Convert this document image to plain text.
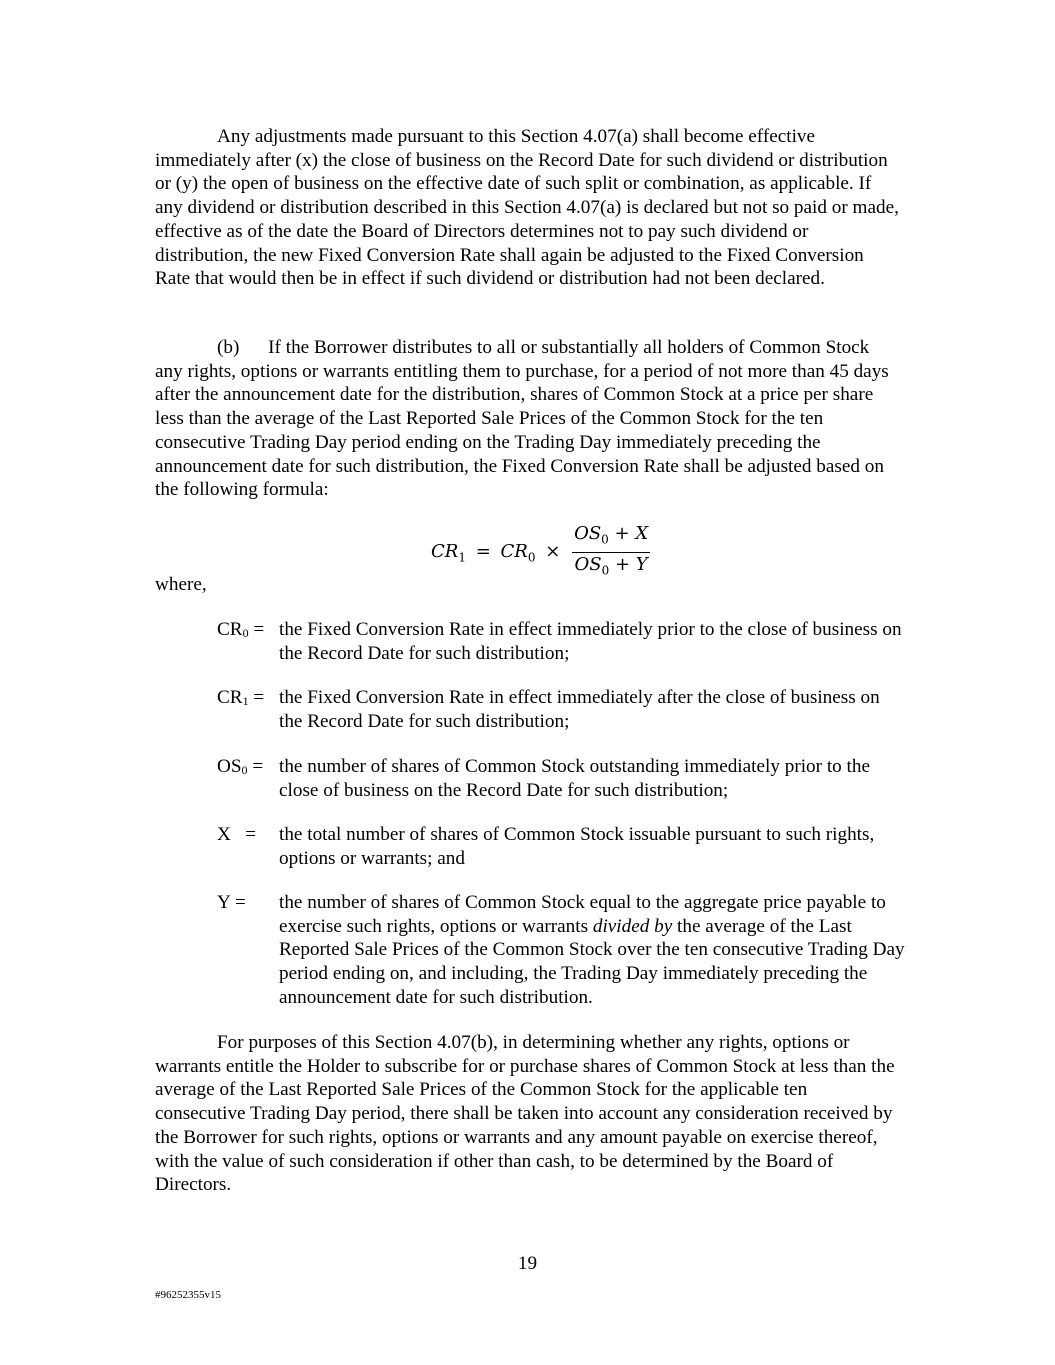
Any adjustments made pursuant to this Section 4.07(a) shall become effective immediately after (x) the close of business on the Record Date for such dividend or distribution or (y) the open of business on the effective date of such split or combination, as applicable. If any dividend or distribution described in this Section 4.07(a) is declared but not so paid or made, effective as of the date the Board of Directors determines not to pay such dividend or distribution, the new Fixed Conversion Rate shall again be adjusted to the Fixed Conversion Rate that would then be in effect if such dividend or distribution had not been declared.

(b) If the Borrower distributes to all or substantially all holders of Common Stock any rights, options or warrants entitling them to purchase, for a period of not more than 45 days after the announcement date for the distribution, shares of Common Stock at a price per share less than the average of the Last Reported Sale Prices of the Common Stock for the ten consecutive Trading Day period ending on the Trading Day immediately preceding the announcement date for such distribution, the Fixed Conversion Rate shall be adjusted based on the following formula:

$CR_1 = CR_0 \times \frac{OS_0 + X}{OS_0 + Y}$
where,
$CR_0$ = the Fixed Conversion Rate in effect immediately prior to the close of business on the Record Date for such distribution;
$CR_1$ = the Fixed Conversion Rate in effect immediately after the close of business on the Record Date for such distribution;
$OS_0$ = the number of shares of Common Stock outstanding immediately prior to the close of business on the Record Date for such distribution;
X   =	the total number of shares of Common Stock issuable pursuant to such rights, options or warrants; and
Y =	the number of shares of Common Stock equal to the aggregate price payable to exercise such rights, options or warrants divided by the average of the Last Reported Sale Prices of the Common Stock over the ten consecutive Trading Day period ending on, and including, the Trading Day immediately preceding the announcement date for such distribution.

For purposes of this Section 4.07(b), in determining whether any rights, options or warrants entitle the Holder to subscribe for or purchase shares of Common Stock at less than the average of the Last Reported Sale Prices of the Common Stock for the applicable ten consecutive Trading Day period, there shall be taken into account any consideration received by the Borrower for such rights, options or warrants and any amount payable on exercise thereof, with the value of such consideration if other than cash, to be determined by the Board of Directors.

19
#96252355v15
